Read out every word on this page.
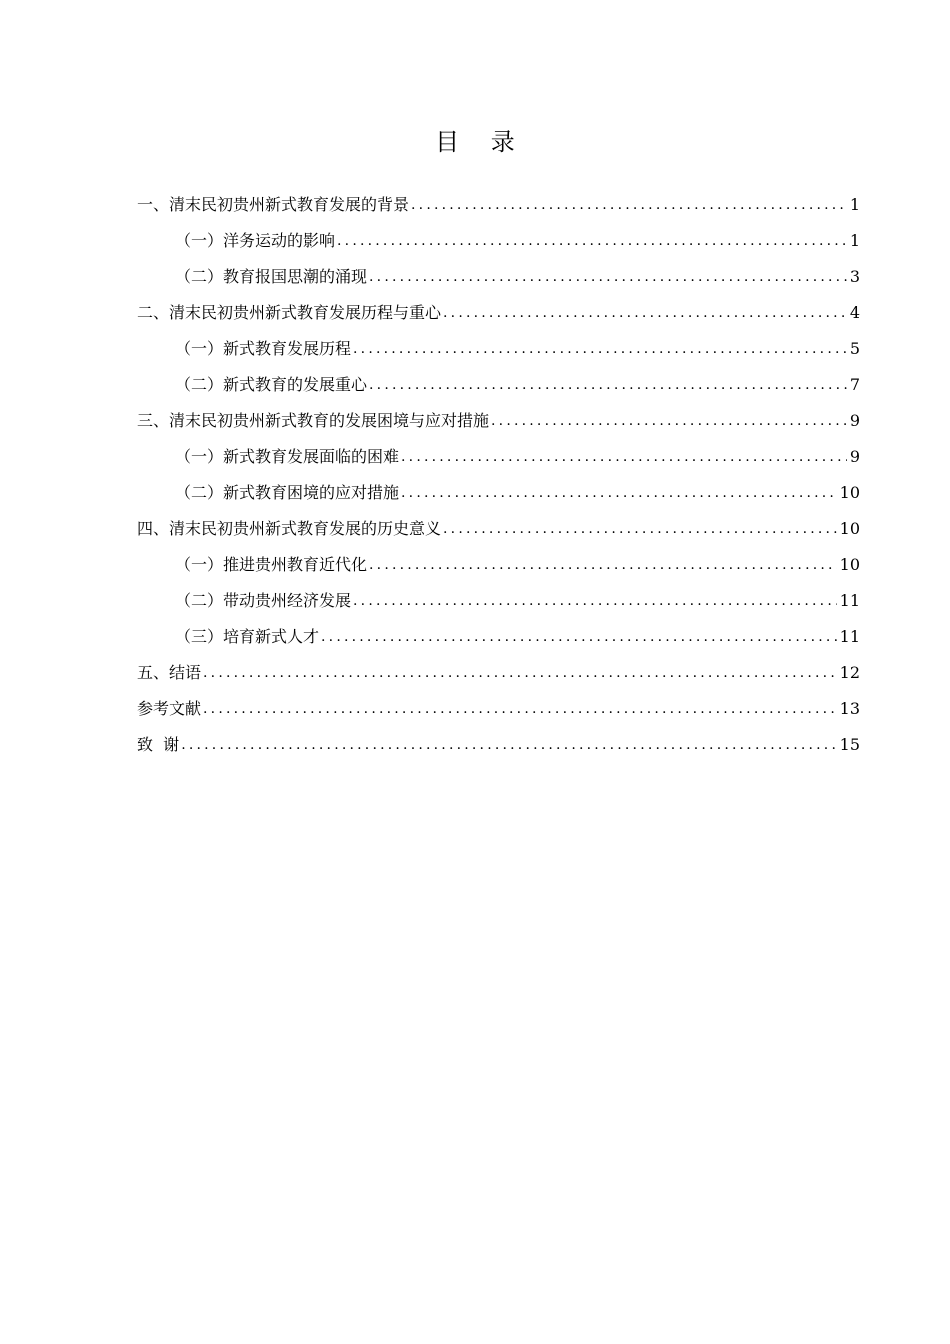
目 录
一、清末民初贵州新式教育发展的背景 .....	1
（一）洋务运动的影响 .....	1
（二）教育报国思潮的涌现 .....	3
二、清末民初贵州新式教育发展历程与重心 .....	4
（一）新式教育发展历程 .....	5
（二）新式教育的发展重心 .....	7
三、清末民初贵州新式教育的发展困境与应对措施 .....	9
（一）新式教育发展面临的困难 .....	9
（二）新式教育困境的应对措施 .....	10
四、清末民初贵州新式教育发展的历史意义 .....	10
（一）推进贵州教育近代化 .....	10
（二）带动贵州经济发展 .....	11
（三）培育新式人才 .....	11
五、结语 .....	12
参考文献 .....	13
致  谢 .....	15
